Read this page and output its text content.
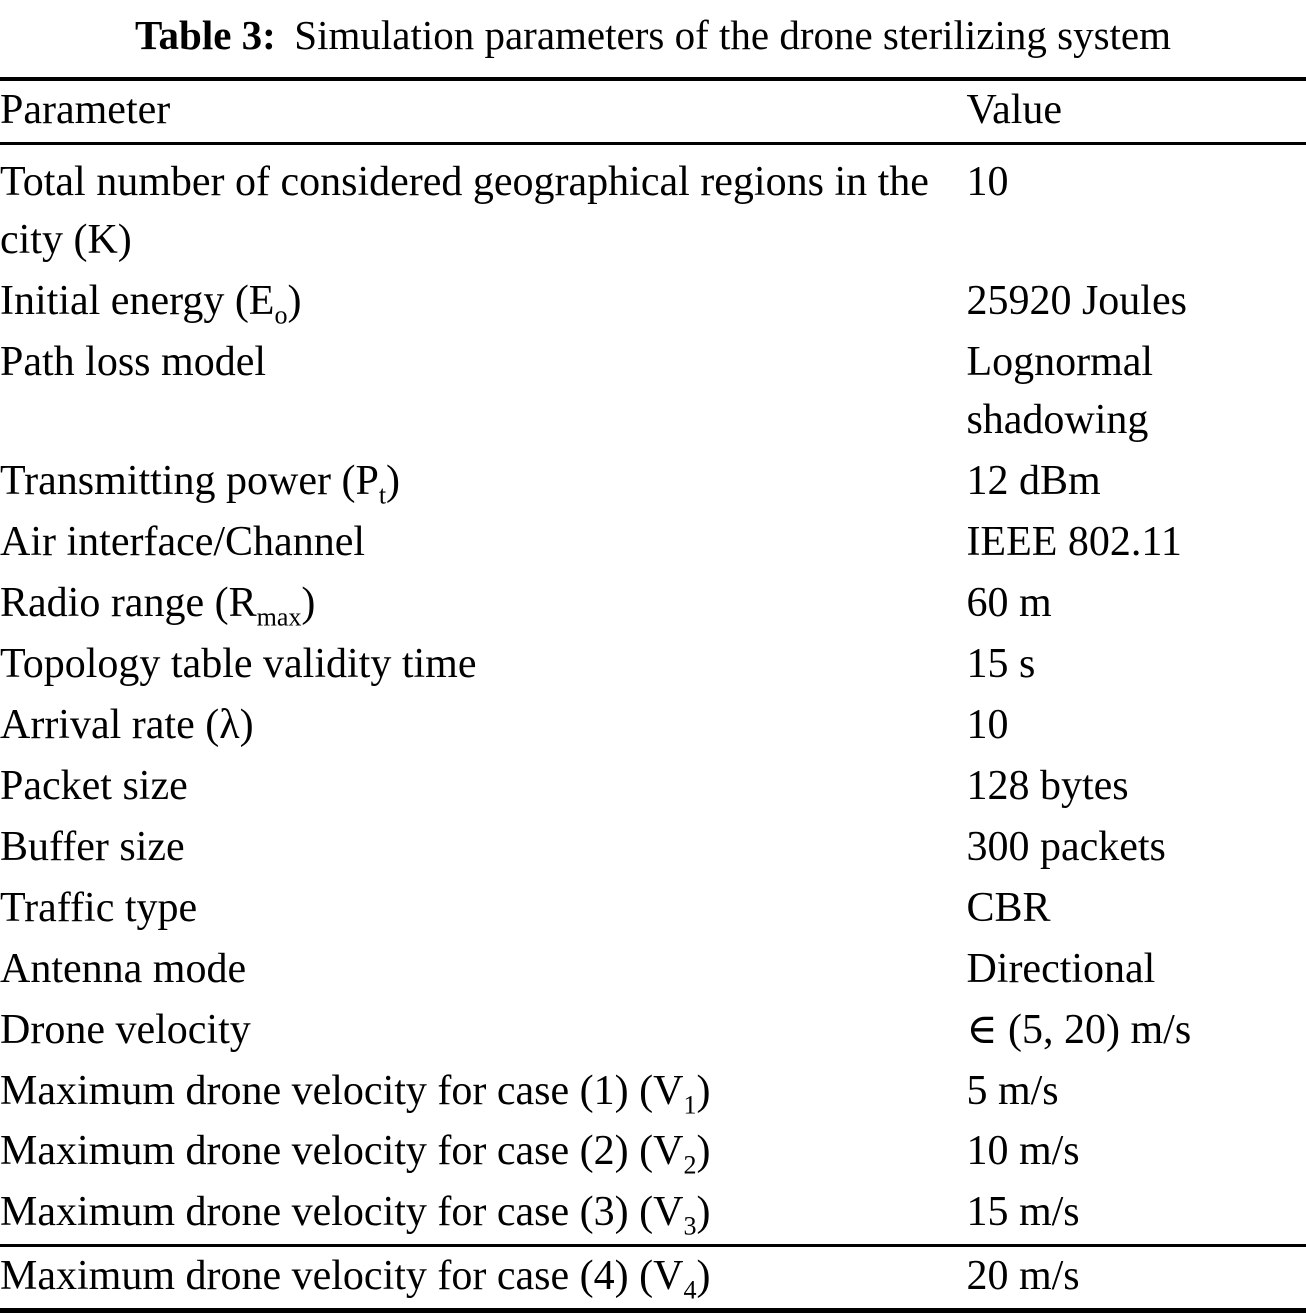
Table 3: Simulation parameters of the drone sterilizing system
Parameter	Value
Total number of considered geographical regions in the city (K)	10
Initial energy $(E_o)$	25920 Joules
Path loss model	Lognormal shadowing
Transmitting power $(P_t)$	12 dBm
Air interface/Channel	IEEE 802.11
Radio range $(R_{max})$	60 m
Topology table validity time	15 s
Arrival rate (λ)	10
Packet size	128 bytes
Buffer size	300 packets
Traffic type	CBR
Antenna mode	Directional
Drone velocity	∈ (5, 20) m/s
Maximum drone velocity for case (1) $(V_1)$	5 m/s
Maximum drone velocity for case (2) $(V_2)$	10 m/s
Maximum drone velocity for case (3) $(V_3)$	15 m/s
Maximum drone velocity for case (4) $(V_4)$	20 m/s
